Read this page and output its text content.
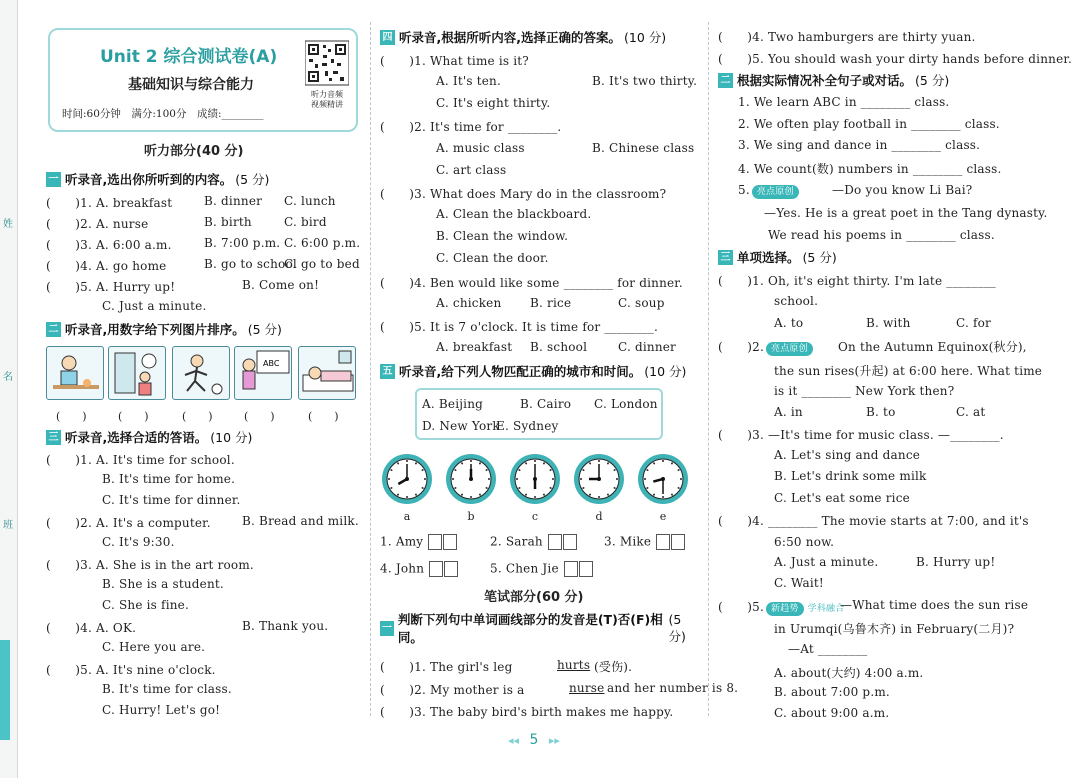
姓
名
班
Unit 2 综合测试卷(A)
基础知识与综合能力
时间:60分钟　满分:100分　成绩:________
听力音频
视频精讲
听力部分(40 分)
一 听录音,选出你所听到的内容。 (5 分)
二 听录音,用数字给下列图片排序。 (5 分)
三 听录音,选择合适的答语。 (10 分)
ABC
(　　)	(　　)	(　　)	(　　)	(　　)
四 听录音,根据所听内容,选择正确的答案。 (10 分)
五 听录音,给下列人物匹配正确的城市和时间。 (10 分)
笔试部分(60 分)
一
判断下列句中单词画线部分的发音是(T)否(F)相同。
(5 分)
二 根据实际情况补全句子或对话。 (5 分)
三 单项选择。 (5 分)
(　　)1. A. breakfast	B. dinner C. lunch
(　　)2. A. nurse	B. birth	C. bird
(　　)3. A. 6:00 a.m.	B. 7:00 p.m. C. 6:00 p.m.
(　　)4. A. go home	B. go to school
C. go to bed
(　　)5. A. Hurry up!	B. Come on!
C. Just a minute.
(　　)1. A. It's time for school.
B. It's time for home.
C. It's time for dinner.
(　　)2. A. It's a computer.	B. Bread and milk.
C. It's 9:30.
(　　)3. A. She is in the art room.
B. She is a student.
C. She is fine.
(　　)4. A. OK.	B. Thank you.
C. Here you are.
(　　)5. A. It's nine o'clock.
B. It's time for class.
C. Hurry! Let's go!
(　　)1. What time is it?
A. It's ten.	B. It's two thirty.
C. It's eight thirty.
(　　)2. It's time for ________.
A. music class	B. Chinese class
C. art class
(　　)3. What does Mary do in the classroom?
A. Clean the blackboard.
B. Clean the window.
C. Clean the door.
(　　)4. Ben would like some ________ for dinner.
A. chicken B. rice	C. soup
(　　)5. It is 7 o'clock. It is time for ________.
A. breakfast B. school	C. dinner
A. Beijing	B. Cairo C. London
D. New York
E. Sydney
a	b	c	d	e
1. Amy	2. Sarah	3. Mike
4. John	5. Chen Jie
(　　)1. The girl's leg	hurts (受伤).
(　　)2. My mother is a	nurse and her number is 8.
(　　)3. The baby bird's birth makes me happy.
(　　)4. Two hamburgers are thirty yuan.
(　　)5. You should wash your dirty hands before dinner.
1. We learn ABC in ________ class.
2. We often play football in ________ class.
3. We sing and dance in ________ class.
4. We count(数) numbers in ________ class.
5. 亮点原创	—Do you know Li Bai?
—Yes. He is a great poet in the Tang dynasty.
We read his poems in ________ class.
(　　)1. Oh, it's eight thirty. I'm late ________
school.
A. to	B. with	C. for
(　　)2. 亮点原创	On the Autumn Equinox(秋分),
the sun rises(升起) at 6:00 here. What time
is it ________ New York then?
A. in	B. to	C. at
(　　)3. —It's time for music class. —________.
A. Let's sing and dance
B. Let's drink some milk
C. Let's eat some rice
(　　)4. ________ The movie starts at 7:00, and it's
6:50 now.
A. Just a minute.	B. Hurry up!
C. Wait!
(　　)5. 新趋势 学科融合
—What time does the sun rise
in Urumqi(乌鲁木齐) in February(二月)?
—At ________
A. about(大约) 4:00 a.m.
B. about 7:00 p.m.
C. about 9:00 a.m.
◂◂ 5 ▸▸
